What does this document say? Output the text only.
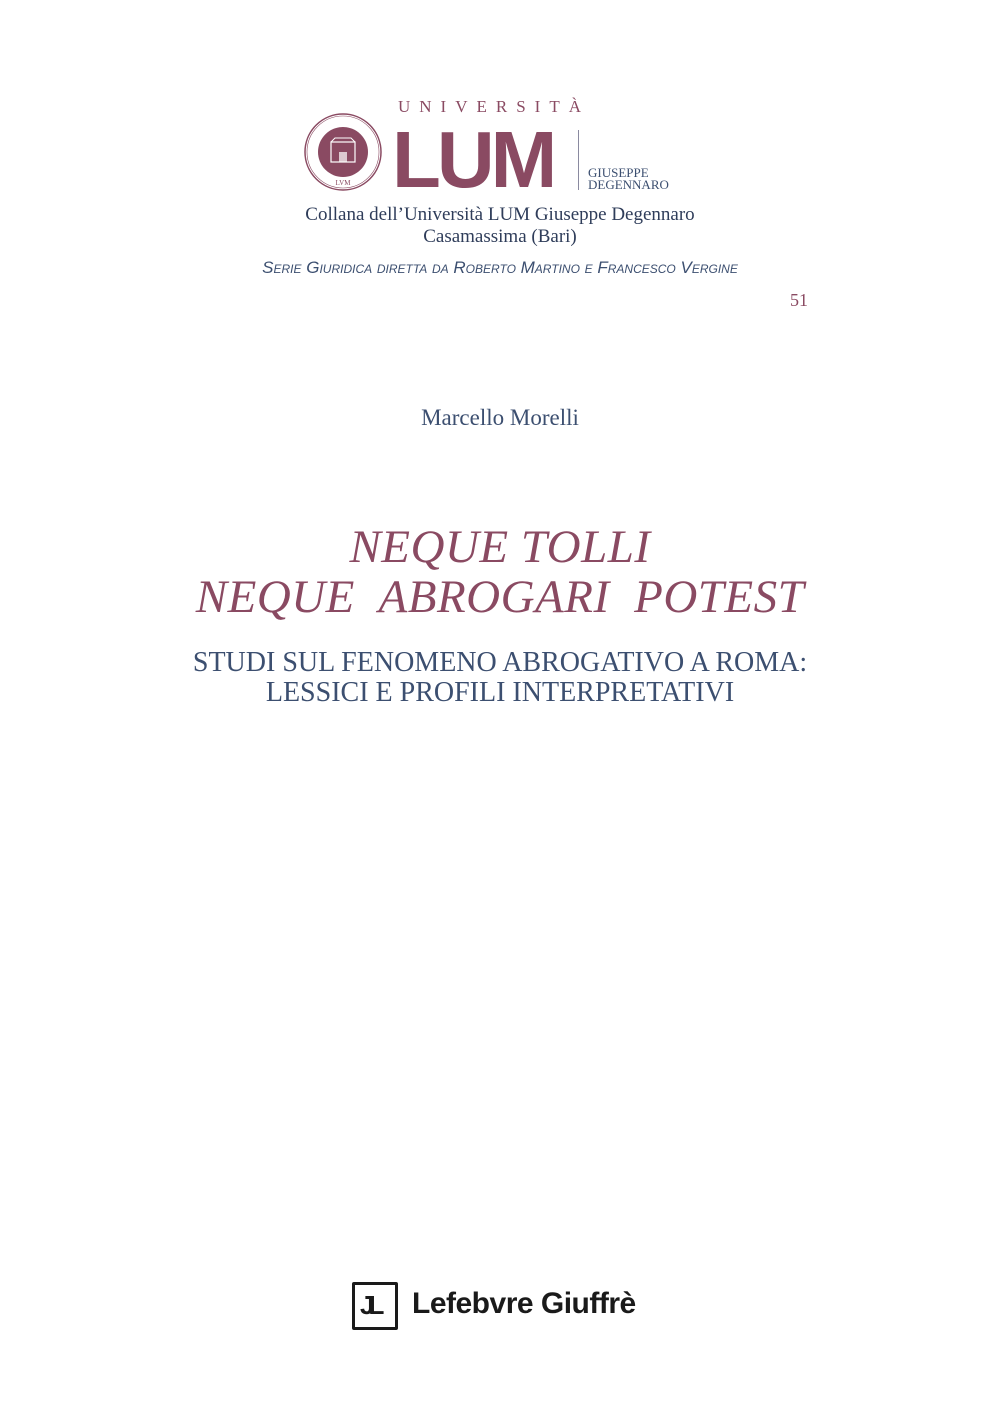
LVM
UNIVERSITÀ
LUM	GIUSEPPE
DEGENNARO
Collana dell’Università LUM Giuseppe Degennaro
Casamassima (Bari)
Serie Giuridica diretta da Roberto Martino e Francesco Vergine
51
Marcello Morelli
NEQUE TOLLI
NEQUE  ABROGARI  POTEST
STUDI SUL FENOMENO ABROGATIVO A ROMA:
LESSICI E PROFILI INTERPRETATIVI
JL Lefebvre Giuffrè
